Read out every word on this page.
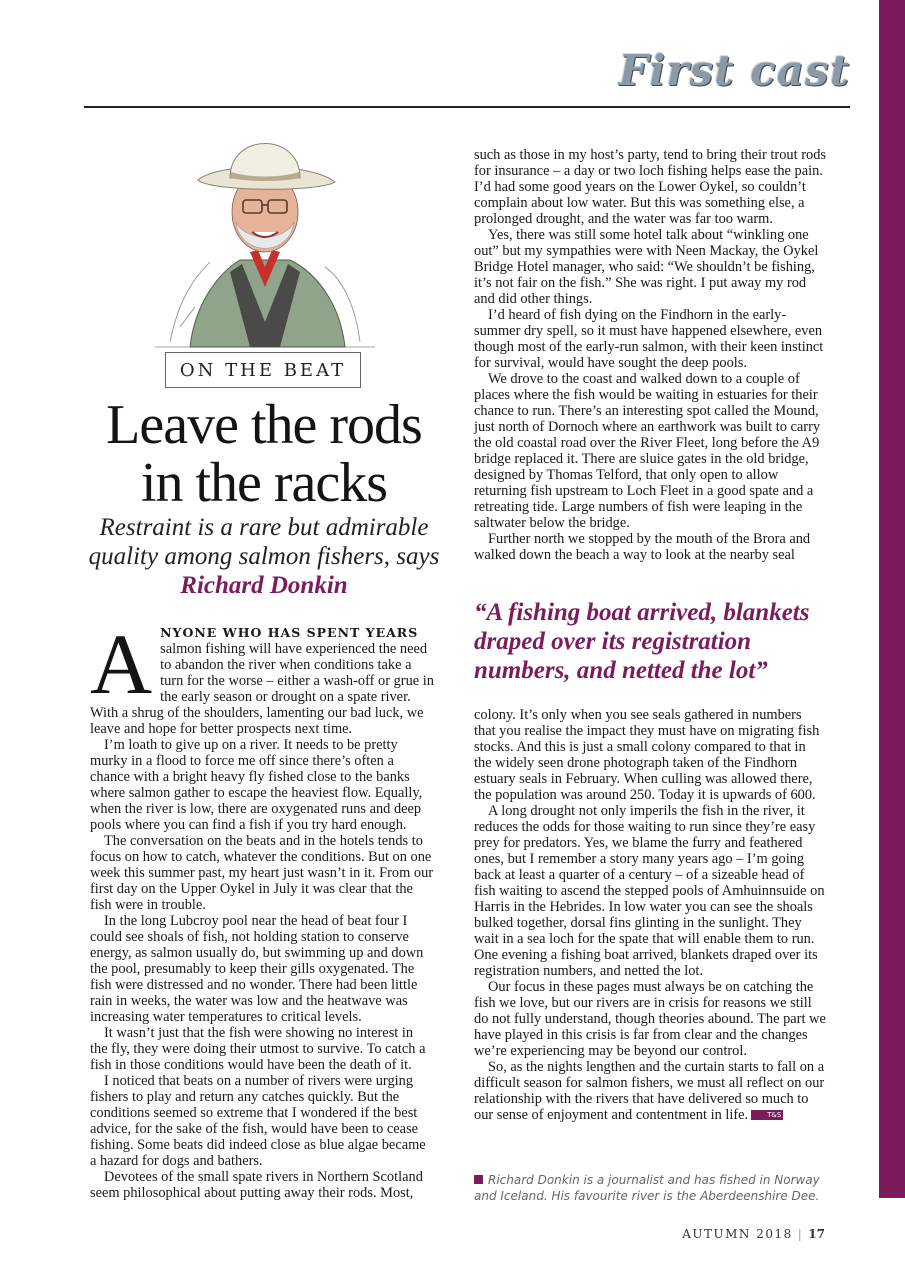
First cast
ON THE BEAT
Leave the rods
in the racks
Restraint is a rare but admirable quality among salmon fishers, says Richard Donkin

ANYONE WHO HAS SPENT YEARS salmon fishing will have experienced the need to abandon the river when conditions take a turn for the worse – either a wash-off or grue in the early season or drought on a spate river. With a shrug of the shoulders, lamenting our bad luck, we leave and hope for better prospects next time.

I’m loath to give up on a river. It needs to be pretty murky in a flood to force me off since there’s often a chance with a bright heavy fly fished close to the banks where salmon gather to escape the heaviest flow. Equally, when the river is low, there are oxygenated runs and deep pools where you can find a fish if you try hard enough.

The conversation on the beats and in the hotels tends to focus on how to catch, whatever the conditions. But on one week this summer past, my heart just wasn’t in it. From our first day on the Upper Oykel in July it was clear that the fish were in trouble.

In the long Lubcroy pool near the head of beat four I could see shoals of fish, not holding station to conserve energy, as salmon usually do, but swimming up and down the pool, presumably to keep their gills oxygenated. The fish were distressed and no wonder. There had been little rain in weeks, the water was low and the heatwave was increasing water temperatures to critical levels.

It wasn’t just that the fish were showing no interest in the fly, they were doing their utmost to survive. To catch a fish in those conditions would have been the death of it.

I noticed that beats on a number of rivers were urging fishers to play and return any catches quickly. But the conditions seemed so extreme that I wondered if the best advice, for the sake of the fish, would have been to cease fishing. Some beats did indeed close as blue algae became a hazard for dogs and bathers.

Devotees of the small spate rivers in Northern Scotland seem philosophical about putting away their rods. Most,

such as those in my host’s party, tend to bring their trout rods for insurance – a day or two loch fishing helps ease the pain. I’d had some good years on the Lower Oykel, so couldn’t complain about low water. But this was something else, a prolonged drought, and the water was far too warm.

Yes, there was still some hotel talk about “winkling one out” but my sympathies were with Neen Mackay, the Oykel Bridge Hotel manager, who said: “We shouldn’t be fishing, it’s not fair on the fish.” She was right. I put away my rod and did other things.

I’d heard of fish dying on the Findhorn in the early-summer dry spell, so it must have happened elsewhere, even though most of the early-run salmon, with their keen instinct for survival, would have sought the deep pools.

We drove to the coast and walked down to a couple of places where the fish would be waiting in estuaries for their chance to run. There’s an interesting spot called the Mound, just north of Dornoch where an earthwork was built to carry the old coastal road over the River Fleet, long before the A9 bridge replaced it. There are sluice gates in the old bridge, designed by Thomas Telford, that only open to allow returning fish upstream to Loch Fleet in a good spate and a retreating tide. Large numbers of fish were leaping in the saltwater below the bridge.

Further north we stopped by the mouth of the Brora and walked down the beach a way to look at the nearby seal

“A fishing boat arrived, blankets draped over its registration numbers, and netted the lot”

colony. It’s only when you see seals gathered in numbers that you realise the impact they must have on migrating fish stocks. And this is just a small colony compared to that in the widely seen drone photograph taken of the Findhorn estuary seals in February. When culling was allowed there, the population was around 250. Today it is upwards of 600.

A long drought not only imperils the fish in the river, it reduces the odds for those waiting to run since they’re easy prey for predators. Yes, we blame the furry and feathered ones, but I remember a story many years ago – I’m going back at least a quarter of a century – of a sizeable head of fish waiting to ascend the stepped pools of Amhuinnsuide on Harris in the Hebrides. In low water you can see the shoals bulked together, dorsal fins glinting in the sunlight. They wait in a sea loch for the spate that will enable them to run. One evening a fishing boat arrived, blankets draped over its registration numbers, and netted the lot.

Our focus in these pages must always be on catching the fish we love, but our rivers are in crisis for reasons we still do not fully understand, though theories abound. The part we have played in this crisis is far from clear and the changes we’re experiencing may be beyond our control.

So, as the nights lengthen and the curtain starts to fall on a difficult season for salmon fishers, we must all reflect on our relationship with the rivers that have delivered so much to our sense of enjoyment and contentment in life.	T&S

Richard Donkin is a journalist and has fished in Norway and Iceland. His favourite river is the Aberdeenshire Dee.
AUTUMN 2018 | 17
